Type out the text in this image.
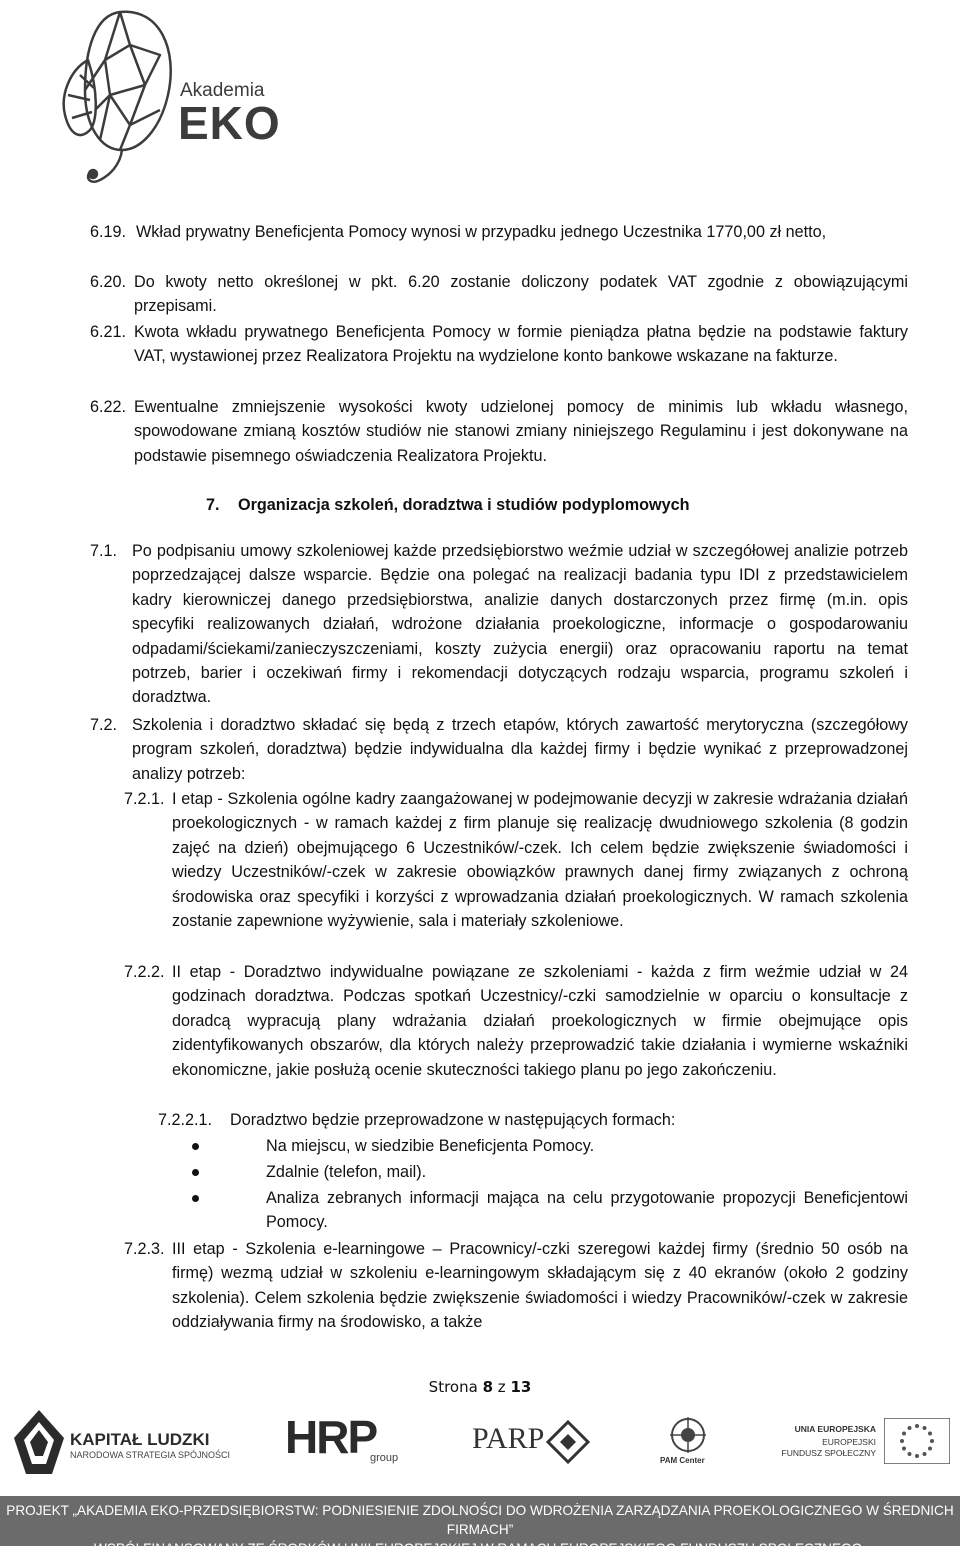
Akademia
EKO
6.19. Wkład prywatny Beneficjenta Pomocy wynosi w przypadku jednego Uczestnika 1770,00 zł netto,

6.20. Do kwoty netto określonej w pkt. 6.20 zostanie doliczony podatek VAT zgodnie z obowiązującymi przepisami.

6.21. Kwota wkładu prywatnego Beneficjenta Pomocy w formie pieniądza płatna będzie na podstawie faktury VAT, wystawionej przez Realizatora Projektu na wydzielone konto bankowe wskazane na fakturze.

6.22. Ewentualne zmniejszenie wysokości kwoty udzielonej pomocy de minimis lub wkładu własnego, spowodowane zmianą kosztów studiów nie stanowi zmiany niniejszego Regulaminu i jest dokonywane na podstawie pisemnego oświadczenia Realizatora Projektu.

7. Organizacja szkoleń, doradztwa i studiów podyplomowych
7.1. Po podpisaniu umowy szkoleniowej każde przedsiębiorstwo weźmie udział w szczegółowej analizie potrzeb poprzedzającej dalsze wsparcie. Będzie ona polegać na realizacji badania typu IDI z przedstawicielem kadry kierowniczej danego przedsiębiorstwa, analizie danych dostarczonych przez firmę (m.in. opis specyfiki realizowanych działań, wdrożone działania proekologiczne, informacje o gospodarowaniu odpadami/ściekami/zanieczyszczeniami, koszty zużycia energii) oraz opracowaniu raportu na temat potrzeb, barier i oczekiwań firmy i rekomendacji dotyczących rodzaju wsparcia, programu szkoleń i doradztwa.

7.2. Szkolenia i doradztwo składać się będą z trzech etapów, których zawartość merytoryczna (szczegółowy program szkoleń, doradztwa) będzie indywidualna dla każdej firmy i będzie wynikać z przeprowadzonej analizy potrzeb:

7.2.1. I etap - Szkolenia ogólne kadry zaangażowanej w podejmowanie decyzji w zakresie wdrażania działań proekologicznych - w ramach każdej z firm planuje się realizację dwudniowego szkolenia (8 godzin zajęć na dzień) obejmującego 6 Uczestników/-czek. Ich celem będzie zwiększenie świadomości i wiedzy Uczestników/-czek w zakresie obowiązków prawnych danej firmy związanych z ochroną środowiska oraz specyfiki i korzyści z wprowadzania działań proekologicznych. W ramach szkolenia zostanie zapewnione wyżywienie, sala i materiały szkoleniowe.

7.2.2. II etap - Doradztwo indywidualne powiązane ze szkoleniami - każda z firm weźmie udział w 24 godzinach doradztwa. Podczas spotkań Uczestnicy/-czki samodzielnie w oparciu o konsultacje z doradcą wypracują plany wdrażania działań proekologicznych w firmie obejmujące opis zidentyfikowanych obszarów, dla których należy przeprowadzić takie działania i wymierne wskaźniki ekonomiczne, jakie posłużą ocenie skuteczności takiego planu po jego zakończeniu.

7.2.2.1. Doradztwo będzie przeprowadzone w następujących formach:

Na miejscu, w siedzibie Beneficjenta Pomocy.

Zdalnie (telefon, mail).

Analiza zebranych informacji mająca na celu przygotowanie propozycji Beneficjentowi Pomocy.

7.2.3. III etap - Szkolenia e-learningowe – Pracownicy/-czki szeregowi każdej firmy (średnio 50 osób na firmę) wezmą udział w szkoleniu e-learningowym składającym się z 40 ekranów (około 2 godziny szkolenia). Celem szkolenia będzie zwiększenie świadomości i wiedzy Pracowników/-czek w zakresie oddziaływania firmy na środowisko, a także

Strona 8 z 13
KAPITAŁ LUDZKI
NARODOWA STRATEGIA SPÓJNOŚCI HRP
group
PARP
PAM Center
UNIA EUROPEJSKA
EUROPEJSKI
FUNDUSZ SPOŁECZNY
PROJEKT „AKADEMIA EKO-PRZEDSIĘBIORSTW: PODNIESIENIE ZDOLNOŚCI DO WDROŻENIA ZARZĄDZANIA PROEKOLOGICZNEGO W ŚREDNICH FIRMACH”
WSPÓŁFINANSOWANY ZE ŚRODKÓW UNII EUROPEJSKIEJ W RAMACH EUROPEJSKIEGO FUNDUSZU SPOŁECZNEGO.
